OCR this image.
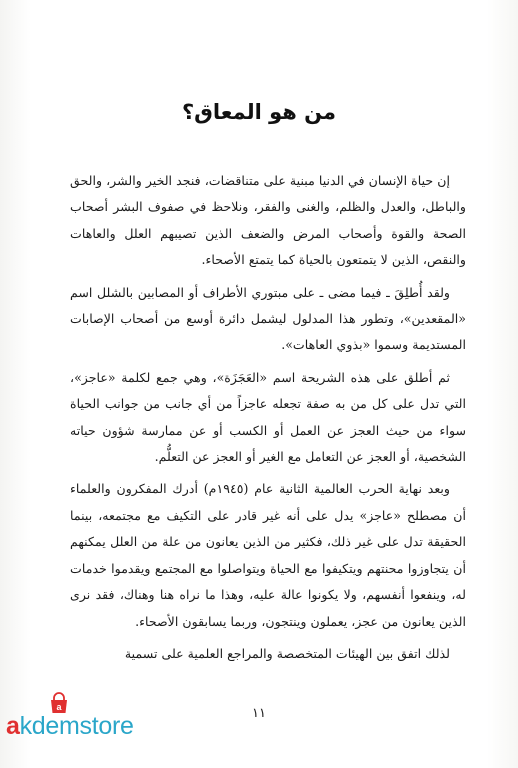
من هو المعاق؟

إن حياة الإنسان في الدنيا مبنية على متناقضات، فنجد الخير والشر، والحق والباطل، والعدل والظلم، والغنى والفقر، ونلاحظ في صفوف البشر أصحاب الصحة والقوة وأصحاب المرض والضعف الذين تصيبهم العلل والعاهات والنقص، الذين لا يتمتعون بالحياة كما يتمتع الأصحاء.

ولقد أُطلِقَ ـ فيما مضى ـ على مبتوري الأطراف أو المصابين بالشلل اسم «المقعدين»، وتطور هذا المدلول ليشمل دائرة أوسع من أصحاب الإصابات المستديمة وسموا «بذوي العاهات».

ثم أطلق على هذه الشريحة اسم «العَجَزَة»، وهي جمع لكلمة «عاجز»، التي تدل على كل من به صفة تجعله عاجزاً من أي جانب من جوانب الحياة سواء من حيث العجز عن العمل أو الكسب أو عن ممارسة شؤون حياته الشخصية، أو العجز عن التعامل مع الغير أو العجز عن التعلُّم.

وبعد نهاية الحرب العالمية الثانية عام (١٩٤٥م) أدرك المفكرون والعلماء أن مصطلح «عاجز» يدل على أنه غير قادر على التكيف مع مجتمعه، بينما الحقيقة تدل على غير ذلك، فكثير من الذين يعانون من علة من العلل يمكنهم أن يتجاوزوا محنتهم ويتكيفوا مع الحياة ويتواصلوا مع المجتمع ويقدموا خدمات له، وينفعوا أنفسهم، ولا يكونوا عالة عليه، وهذا ما نراه هنا وهناك، فقد نرى الذين يعانون من عجز، يعملون وينتجون، وربما يسابقون الأصحاء.

لذلك اتفق بين الهيئات المتخصصة والمراجع العلمية على تسمية

١١
a
akdemstore
